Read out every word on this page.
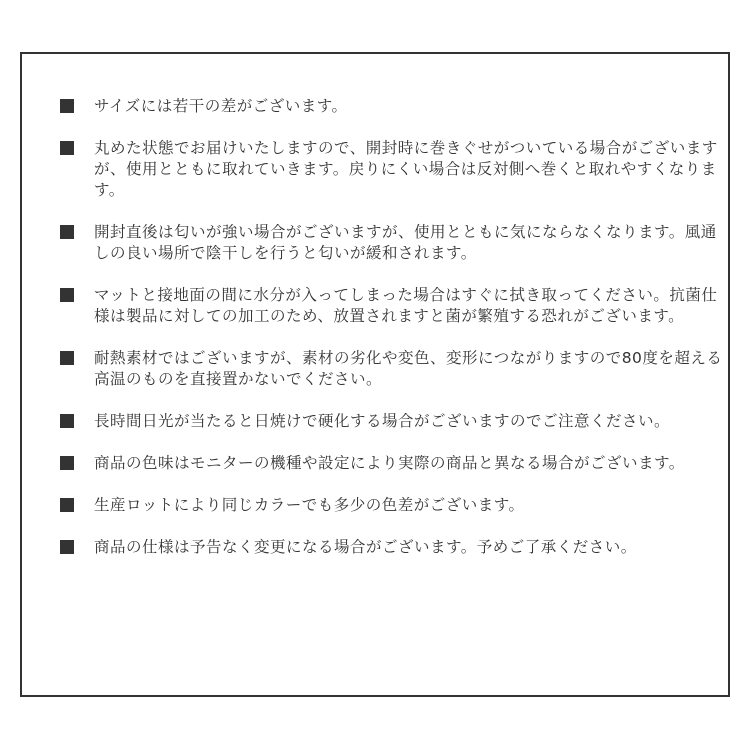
サイズには若干の差がございます。

丸めた状態でお届けいたしますので、開封時に巻きぐせがついている場合がございますが、使用とともに取れていきます。戻りにくい場合は反対側へ巻くと取れやすくなります。

開封直後は匂いが強い場合がございますが、使用とともに気にならなくなります。風通しの良い場所で陰干しを行うと匂いが緩和されます。

マットと接地面の間に水分が入ってしまった場合はすぐに拭き取ってください。抗菌仕様は製品に対しての加工のため、放置されますと菌が繁殖する恐れがございます。

耐熱素材ではございますが、素材の劣化や変色、変形につながりますので80度を超える高温のものを直接置かないでください。

長時間日光が当たると日焼けで硬化する場合がございますのでご注意ください。

商品の色味はモニターの機種や設定により実際の商品と異なる場合がございます。

生産ロットにより同じカラーでも多少の色差がございます。

商品の仕様は予告なく変更になる場合がございます。予めご了承ください。
